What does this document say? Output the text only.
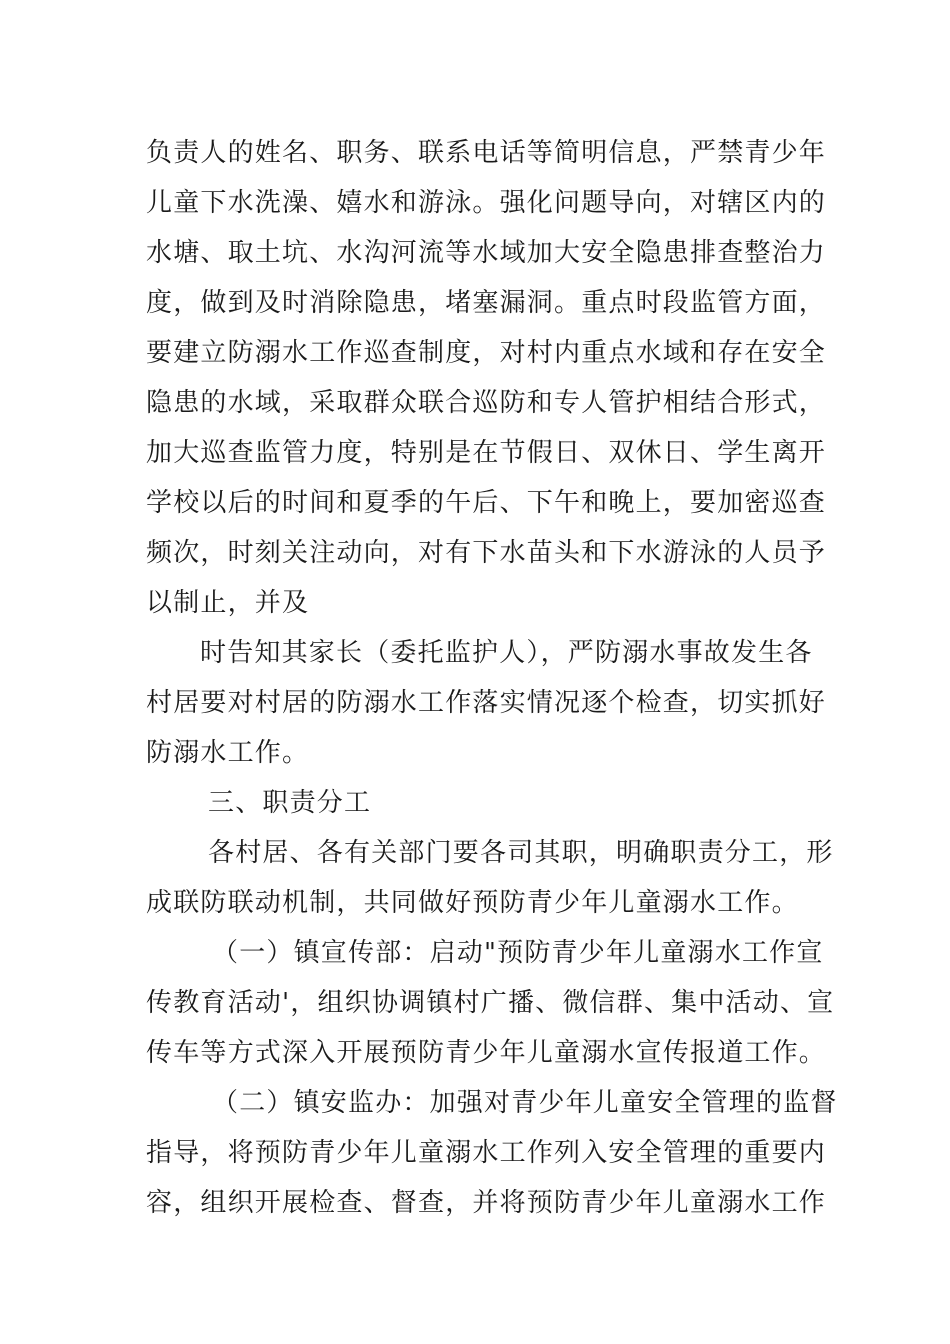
负责人的姓名、职务、联系电话等简明信息，严禁青少年
儿童下水洗澡、嬉水和游泳。强化问题导向，对辖区内的
水塘、取土坑、水沟河流等水域加大安全隐患排查整治力
度，做到及时消除隐患，堵塞漏洞。重点时段监管方面，
要建立防溺水工作巡查制度，对村内重点水域和存在安全
隐患的水域，采取群众联合巡防和专人管护相结合形式，
加大巡查监管力度，特别是在节假日、双休日、学生离开
学校以后的时间和夏季的午后、下午和晚上，要加密巡查
频次，时刻关注动向，对有下水苗头和下水游泳的人员予
以制止，并及
时告知其家长（委托监护人），严防溺水事故发生各
村居要对村居的防溺水工作落实情况逐个检查，切实抓好
防溺水工作。
三、职责分工
各村居、各有关部门要各司其职，明确职责分工，形
成联防联动机制，共同做好预防青少年儿童溺水工作。
（一）镇宣传部：启动"预防青少年儿童溺水工作宣
传教育活动'，组织协调镇村广播、微信群、集中活动、宣
传车等方式深入开展预防青少年儿童溺水宣传报道工作。
（二）镇安监办：加强对青少年儿童安全管理的监督
指导，将预防青少年儿童溺水工作列入安全管理的重要内
容，组织开展检查、督查，并将预防青少年儿童溺水工作
